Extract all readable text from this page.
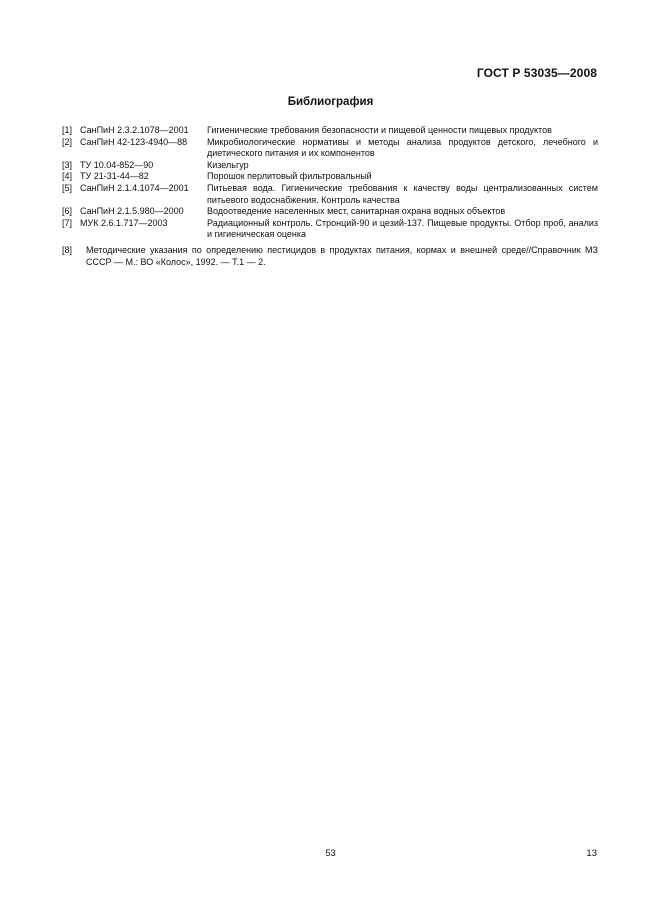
ГОСТ Р 53035—2008
Библиография
[1] СанПиН 2.3.2.1078—2001	Гигиенические требования безопасности и пищевой ценности пищевых продуктов
[2] СанПиН 42-123-4940—88	Микробиологические нормативы и методы анализа продуктов детского, лечебного и диетического питания и их компонентов
[3] ТУ 10.04-852—90	Кизельгур
[4] ТУ 21-31-44—82	Порошок перлитовый фильтровальный
[5] СанПиН 2.1.4.1074—2001	Питьевая вода. Гигиенические требования к качеству воды централизованных систем питьевого водоснабжения. Контроль качества
[6] СанПиН 2.1.5.980—2000	Водоотведение населенных мест, санитарная охрана водных объектов
[7] МУК 2.6.1.717—2003	Радиационный контроль. Стронций-90 и цезий-137. Пищевые продукты. Отбор проб, анализ и гигиеническая оценка
[8]	Методические указания по определению пестицидов в продуктах питания, кормах и внешней среде//Справочник МЗ СССР — М.: ВО «Колос», 1992. — Т.1 — 2.
53	13
